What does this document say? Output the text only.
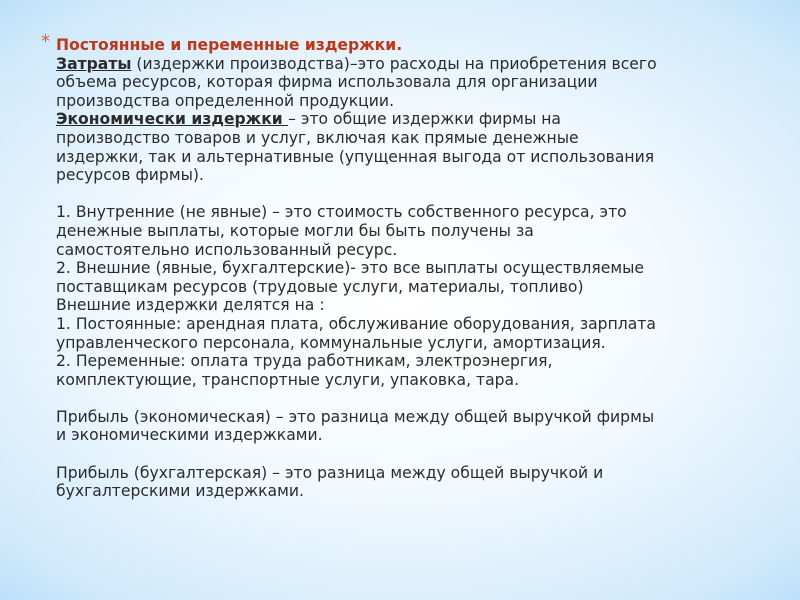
* Постоянные и переменные издержки.
Затраты (издержки производства)–это расходы на приобретения всего
объема ресурсов, которая фирма использовала для организации
производства определенной продукции.
Экономически издержки – это общие издержки фирмы на
производство товаров и услуг, включая как прямые денежные
издержки, так и альтернативные (упущенная выгода от использования
ресурсов фирмы).
1. Внутренние (не явные) – это стоимость собственного ресурса, это
денежные выплаты, которые могли бы быть получены за
самостоятельно использованный ресурс.
2. Внешние (явные, бухгалтерские)- это все выплаты осуществляемые
поставщикам ресурсов (трудовые услуги, материалы, топливо)
Внешние издержки делятся на :
1. Постоянные: арендная плата, обслуживание оборудования, зарплата
управленческого персонала, коммунальные услуги, амортизация.
2. Переменные: оплата труда работникам, электроэнергия,
комплектующие, транспортные услуги, упаковка, тара.
Прибыль (экономическая) – это разница между общей выручкой фирмы
и экономическими издержками.
Прибыль (бухгалтерская) – это разница между общей выручкой и
бухгалтерскими издержками.
